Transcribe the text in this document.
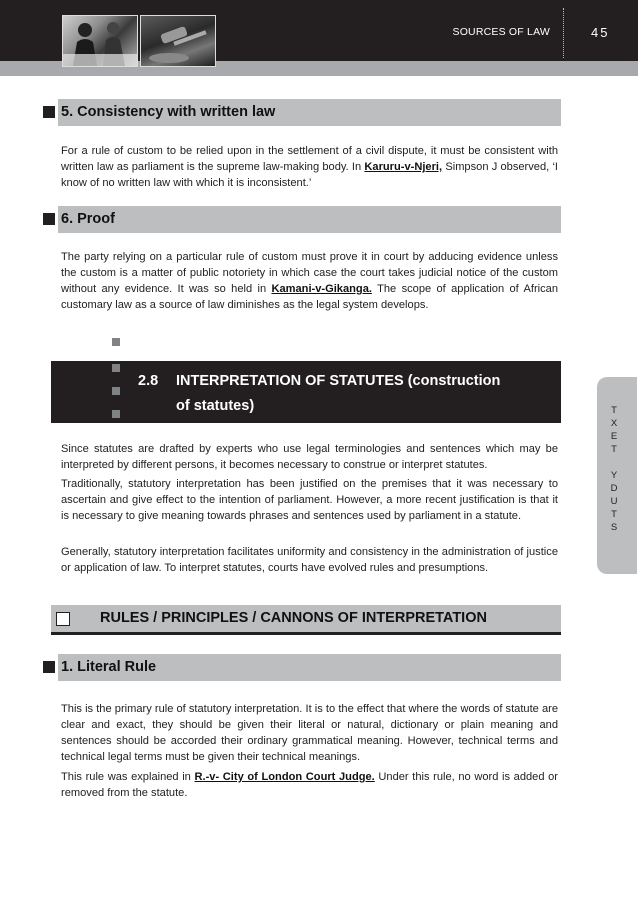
SOURCES OF LAW	45
5. Consistency with written law

For a rule of custom to be relied upon in the settlement of a civil dispute, it must be consistent with written law as parliament is the supreme law-making body. In Karuru-v-Njeri, Simpson J observed, ‘I know of no written law with which it is inconsistent.’

6. Proof

The party relying on a particular rule of custom must prove it in court by adducing evidence unless the custom is a matter of public notoriety in which case the court takes judicial notice of the custom without any evidence. It was so held in Kamani-v-Gikanga. The scope of application of African customary law as a source of law diminishes as the legal system develops.

2.8 INTERPRETATION OF STATUTES (construction
of statutes)

Since statutes are drafted by experts who use legal terminologies and sentences which may be interpreted by different persons, it becomes necessary to construe or interpret statutes.

Traditionally, statutory interpretation has been justified on the premises that it was necessary to ascertain and give effect to the intention of parliament. However, a more recent justification is that it is necessary to give meaning towards phrases and sentences used by parliament in a statute.

Generally, statutory interpretation facilitates uniformity and consistency in the administration of justice or application of law. To interpret statutes, courts have evolved rules and presumptions.

T
X
E
T
Y
D
U
T
S
RULES / PRINCIPLES / CANNONS OF INTERPRETATION
1. Literal Rule

This is the primary rule of statutory interpretation. It is to the effect that where the words of statute are clear and exact, they should be given their literal or natural, dictionary or plain meaning and sentences should be accorded their ordinary grammatical meaning. However, technical terms and technical legal terms must be given their technical meanings.

This rule was explained in R.-v- City of London Court Judge. Under this rule, no word is added or removed from the statute.
